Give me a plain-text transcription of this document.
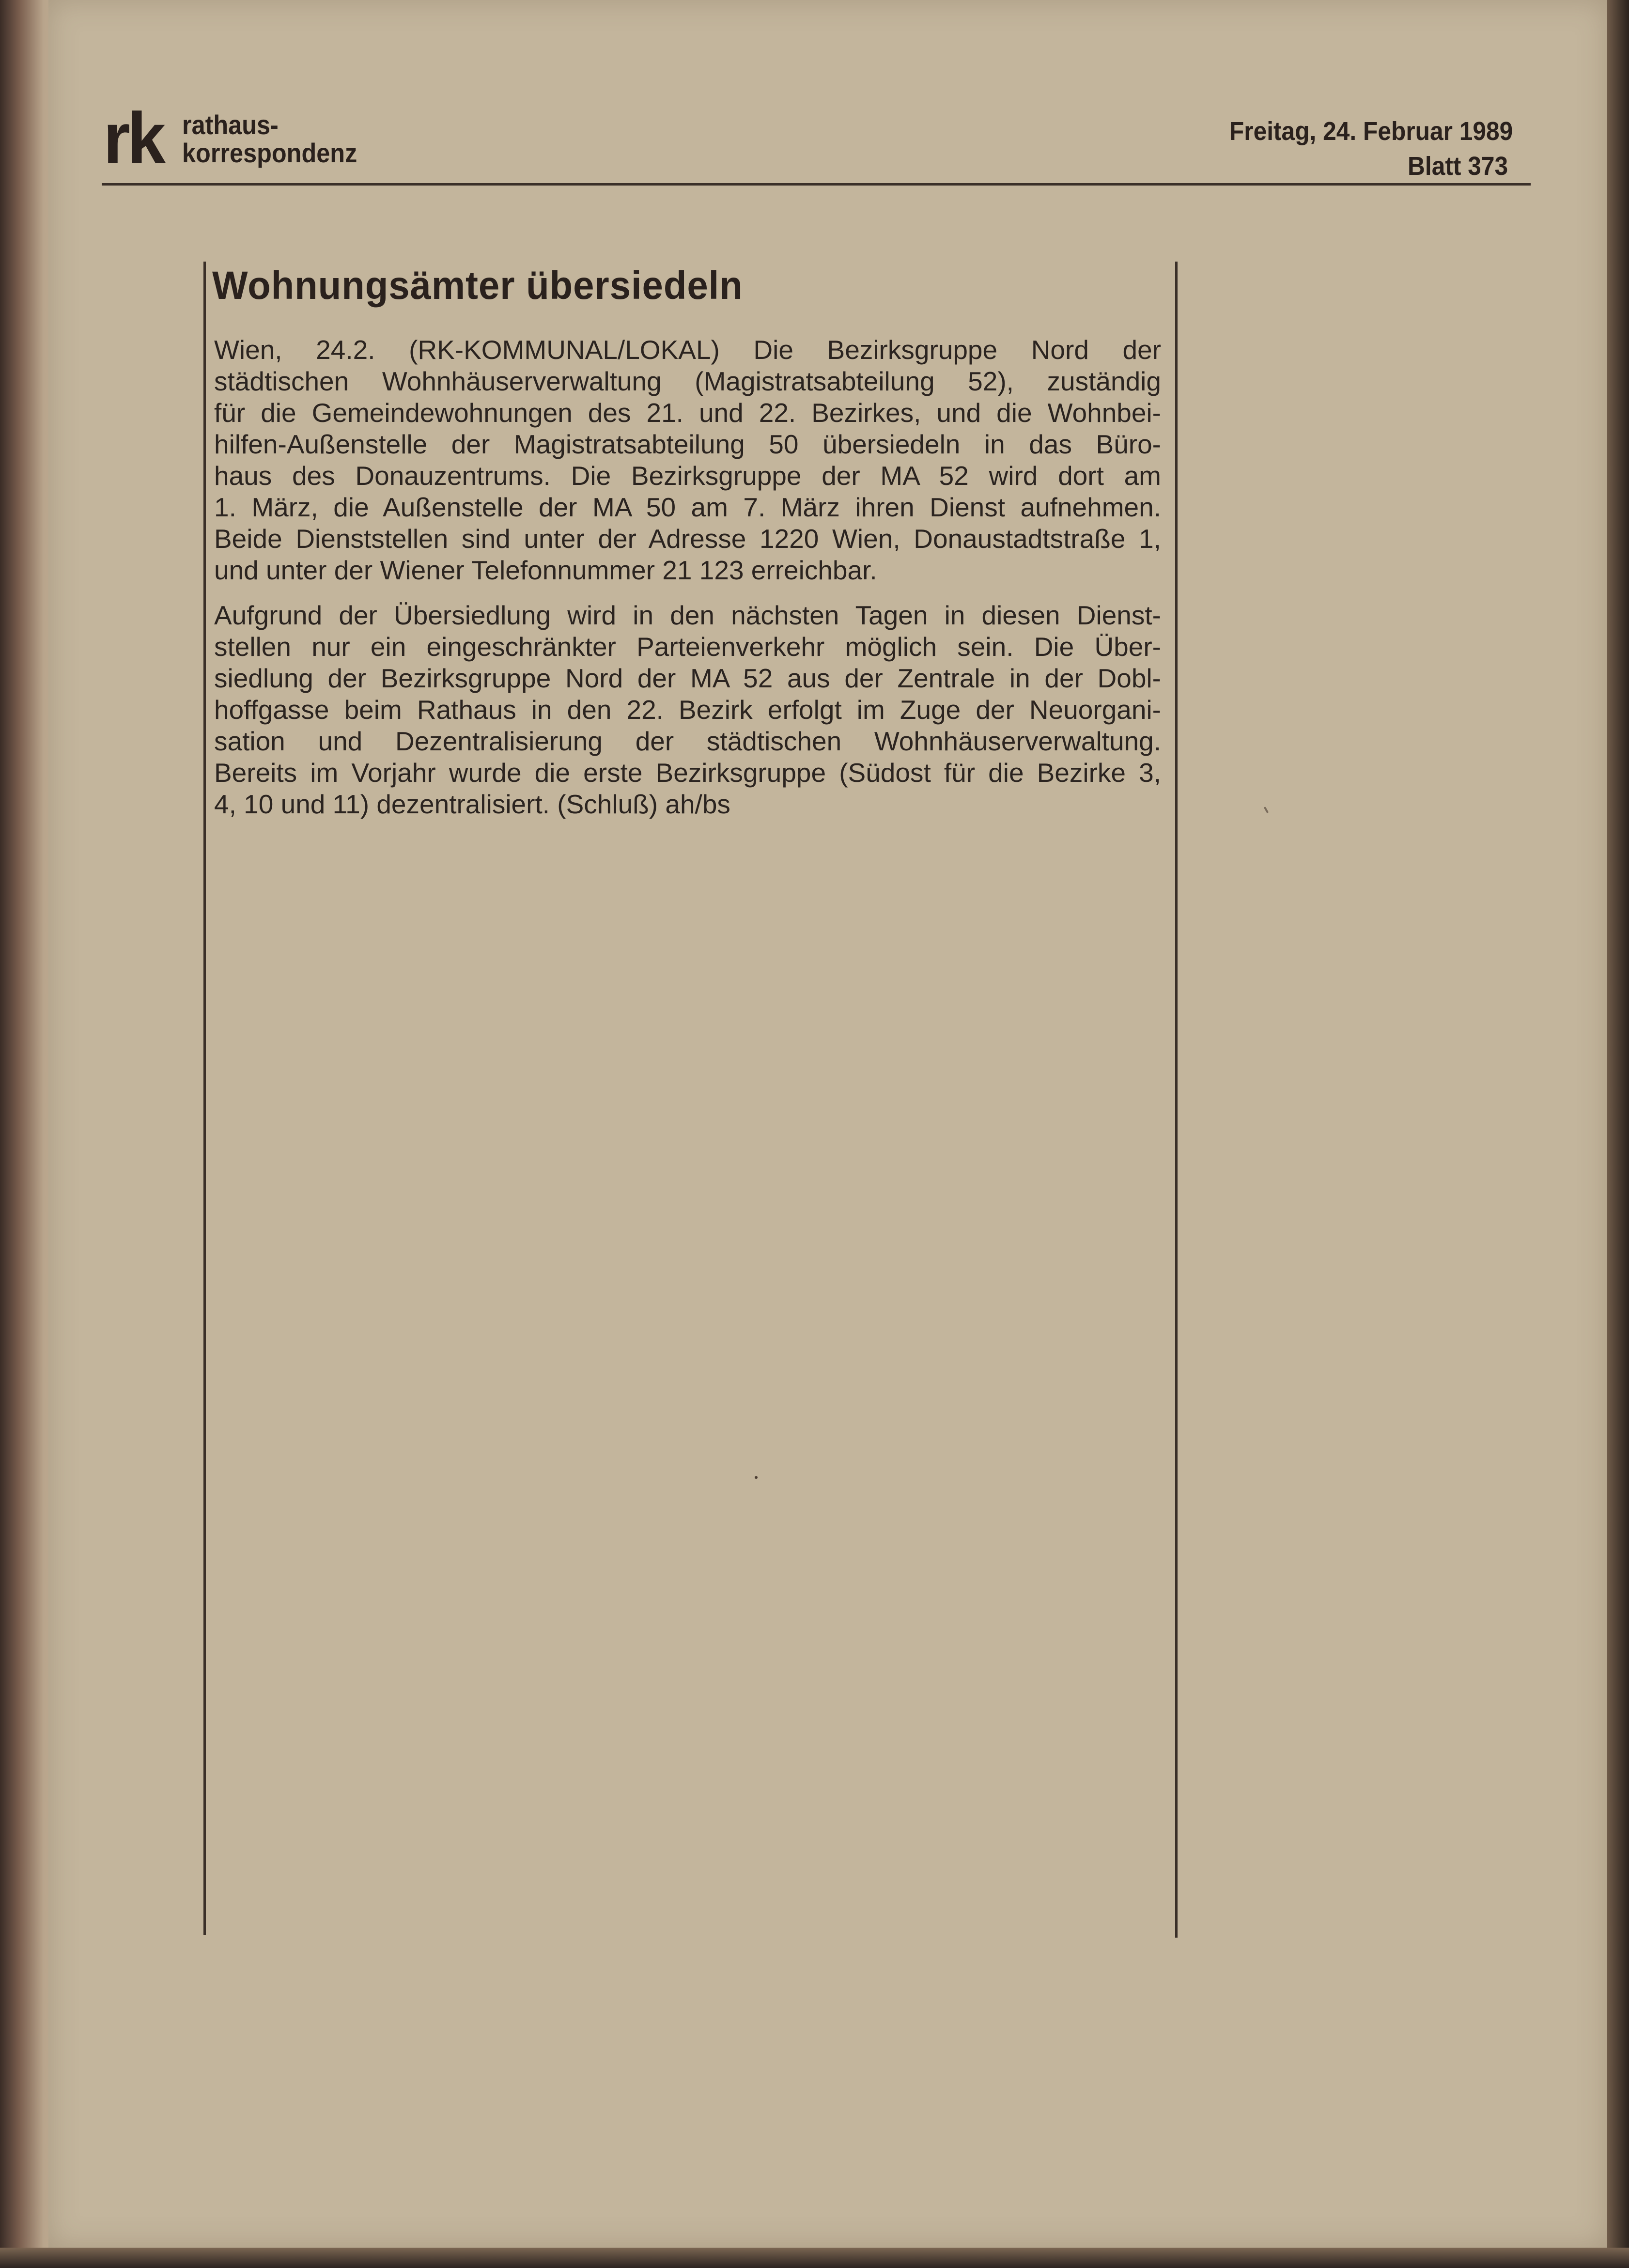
rk rathaus-
korrespondenz
Freitag, 24. Februar 1989
Blatt 373
Wohnungsämter übersiedeln

Wien, 24.2. (RK-KOMMUNAL/LOKAL) Die Bezirksgruppe Nord der
städtischen Wohnhäuserverwaltung (Magistratsabteilung 52), zuständig
für die Gemeindewohnungen des 21. und 22. Bezirkes, und die Wohnbei-
hilfen-Außenstelle der Magistratsabteilung 50 übersiedeln in das Büro-
haus des Donauzentrums. Die Bezirksgruppe der MA 52 wird dort am
1. März, die Außenstelle der MA 50 am 7. März ihren Dienst aufnehmen.
Beide Dienststellen sind unter der Adresse 1220 Wien, Donaustadtstraße 1,
und unter der Wiener Telefonnummer 21 123 erreichbar.

Aufgrund der Übersiedlung wird in den nächsten Tagen in diesen Dienst-
stellen nur ein eingeschränkter Parteienverkehr möglich sein. Die Über-
siedlung der Bezirksgruppe Nord der MA 52 aus der Zentrale in der Dobl-
hoffgasse beim Rathaus in den 22. Bezirk erfolgt im Zuge der Neuorgani-
sation und Dezentralisierung der städtischen Wohnhäuserverwaltung.
Bereits im Vorjahr wurde die erste Bezirksgruppe (Südost für die Bezirke 3,
4, 10 und 11) dezentralisiert. (Schluß) ah/bs
